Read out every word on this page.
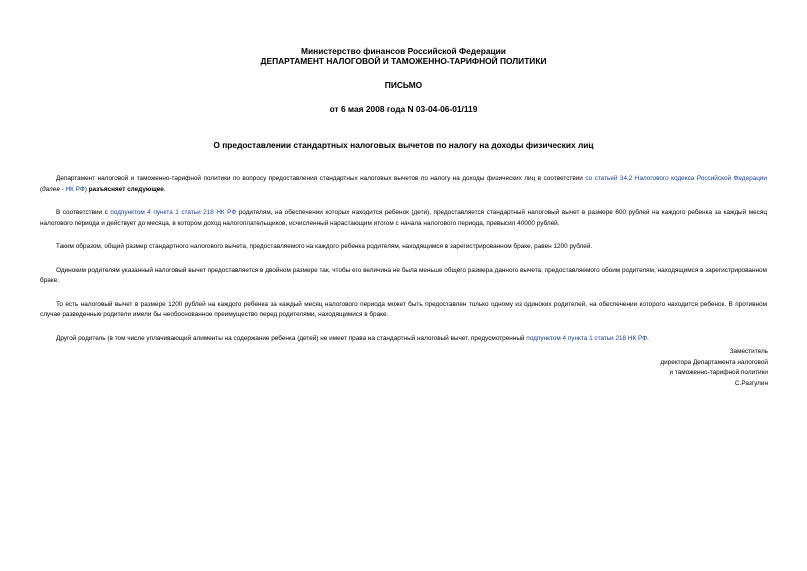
Министерство финансов Российской Федерации
ДЕПАРТАМЕНТ НАЛОГОВОЙ И ТАМОЖЕННО-ТАРИФНОЙ ПОЛИТИКИ
ПИСЬМО
от 6 мая 2008 года N 03-04-06-01/119
О предоставлении стандартных налоговых вычетов по налогу на доходы физических лиц

Департамент налоговой и таможенно-тарифной политики по вопросу предоставления стандартных налоговых вычетов по налогу на доходы физических лиц в соответствии со статьей 34.2 Налогового кодекса Российской Федерации (далее - НК РФ) разъясняет следующее.

В соответствии с подпунктом 4 пункта 1 статьи 218 НК РФ родителям, на обеспечении которых находится ребенок (дети), предоставляется стандартный налоговый вычет в размере 600 рублей на каждого ребенка за каждый месяц налогового периода и действует до месяца, в котором доход налогоплательщиков, исчисленный нарастающим итогом с начала налогового периода, превысил 40000 рублей.

Таким образом, общий размер стандартного налогового вычета, предоставляемого на каждого ребенка родителям, находящимся в зарегистрированном браке, равен 1200 рублей.

Одиноким родителям указанный налоговый вычет предоставляется в двойном размере так, чтобы его величина не была меньше общего размера данного вычета, предоставляемого обоим родителям, находящимся в зарегистрированном браке.

То есть налоговый вычет в размере 1200 рублей на каждого ребенка за каждый месяц налогового периода может быть предоставлен только одному из одиноких родителей, на обеспечении которого находится ребенок. В противном случае разведенные родители имели бы необоснованное преимущество перед родителями, находящимися в браке.

Другой родитель (в том числе уплачивающий алименты на содержание ребенка (детей) не имеет права на стандартный налоговый вычет, предусмотренный подпунктом 4 пункта 1 статьи 218 НК РФ.

Заместитель
директора Департамента налоговой
и таможенно-тарифной политики
С.Разгулин
